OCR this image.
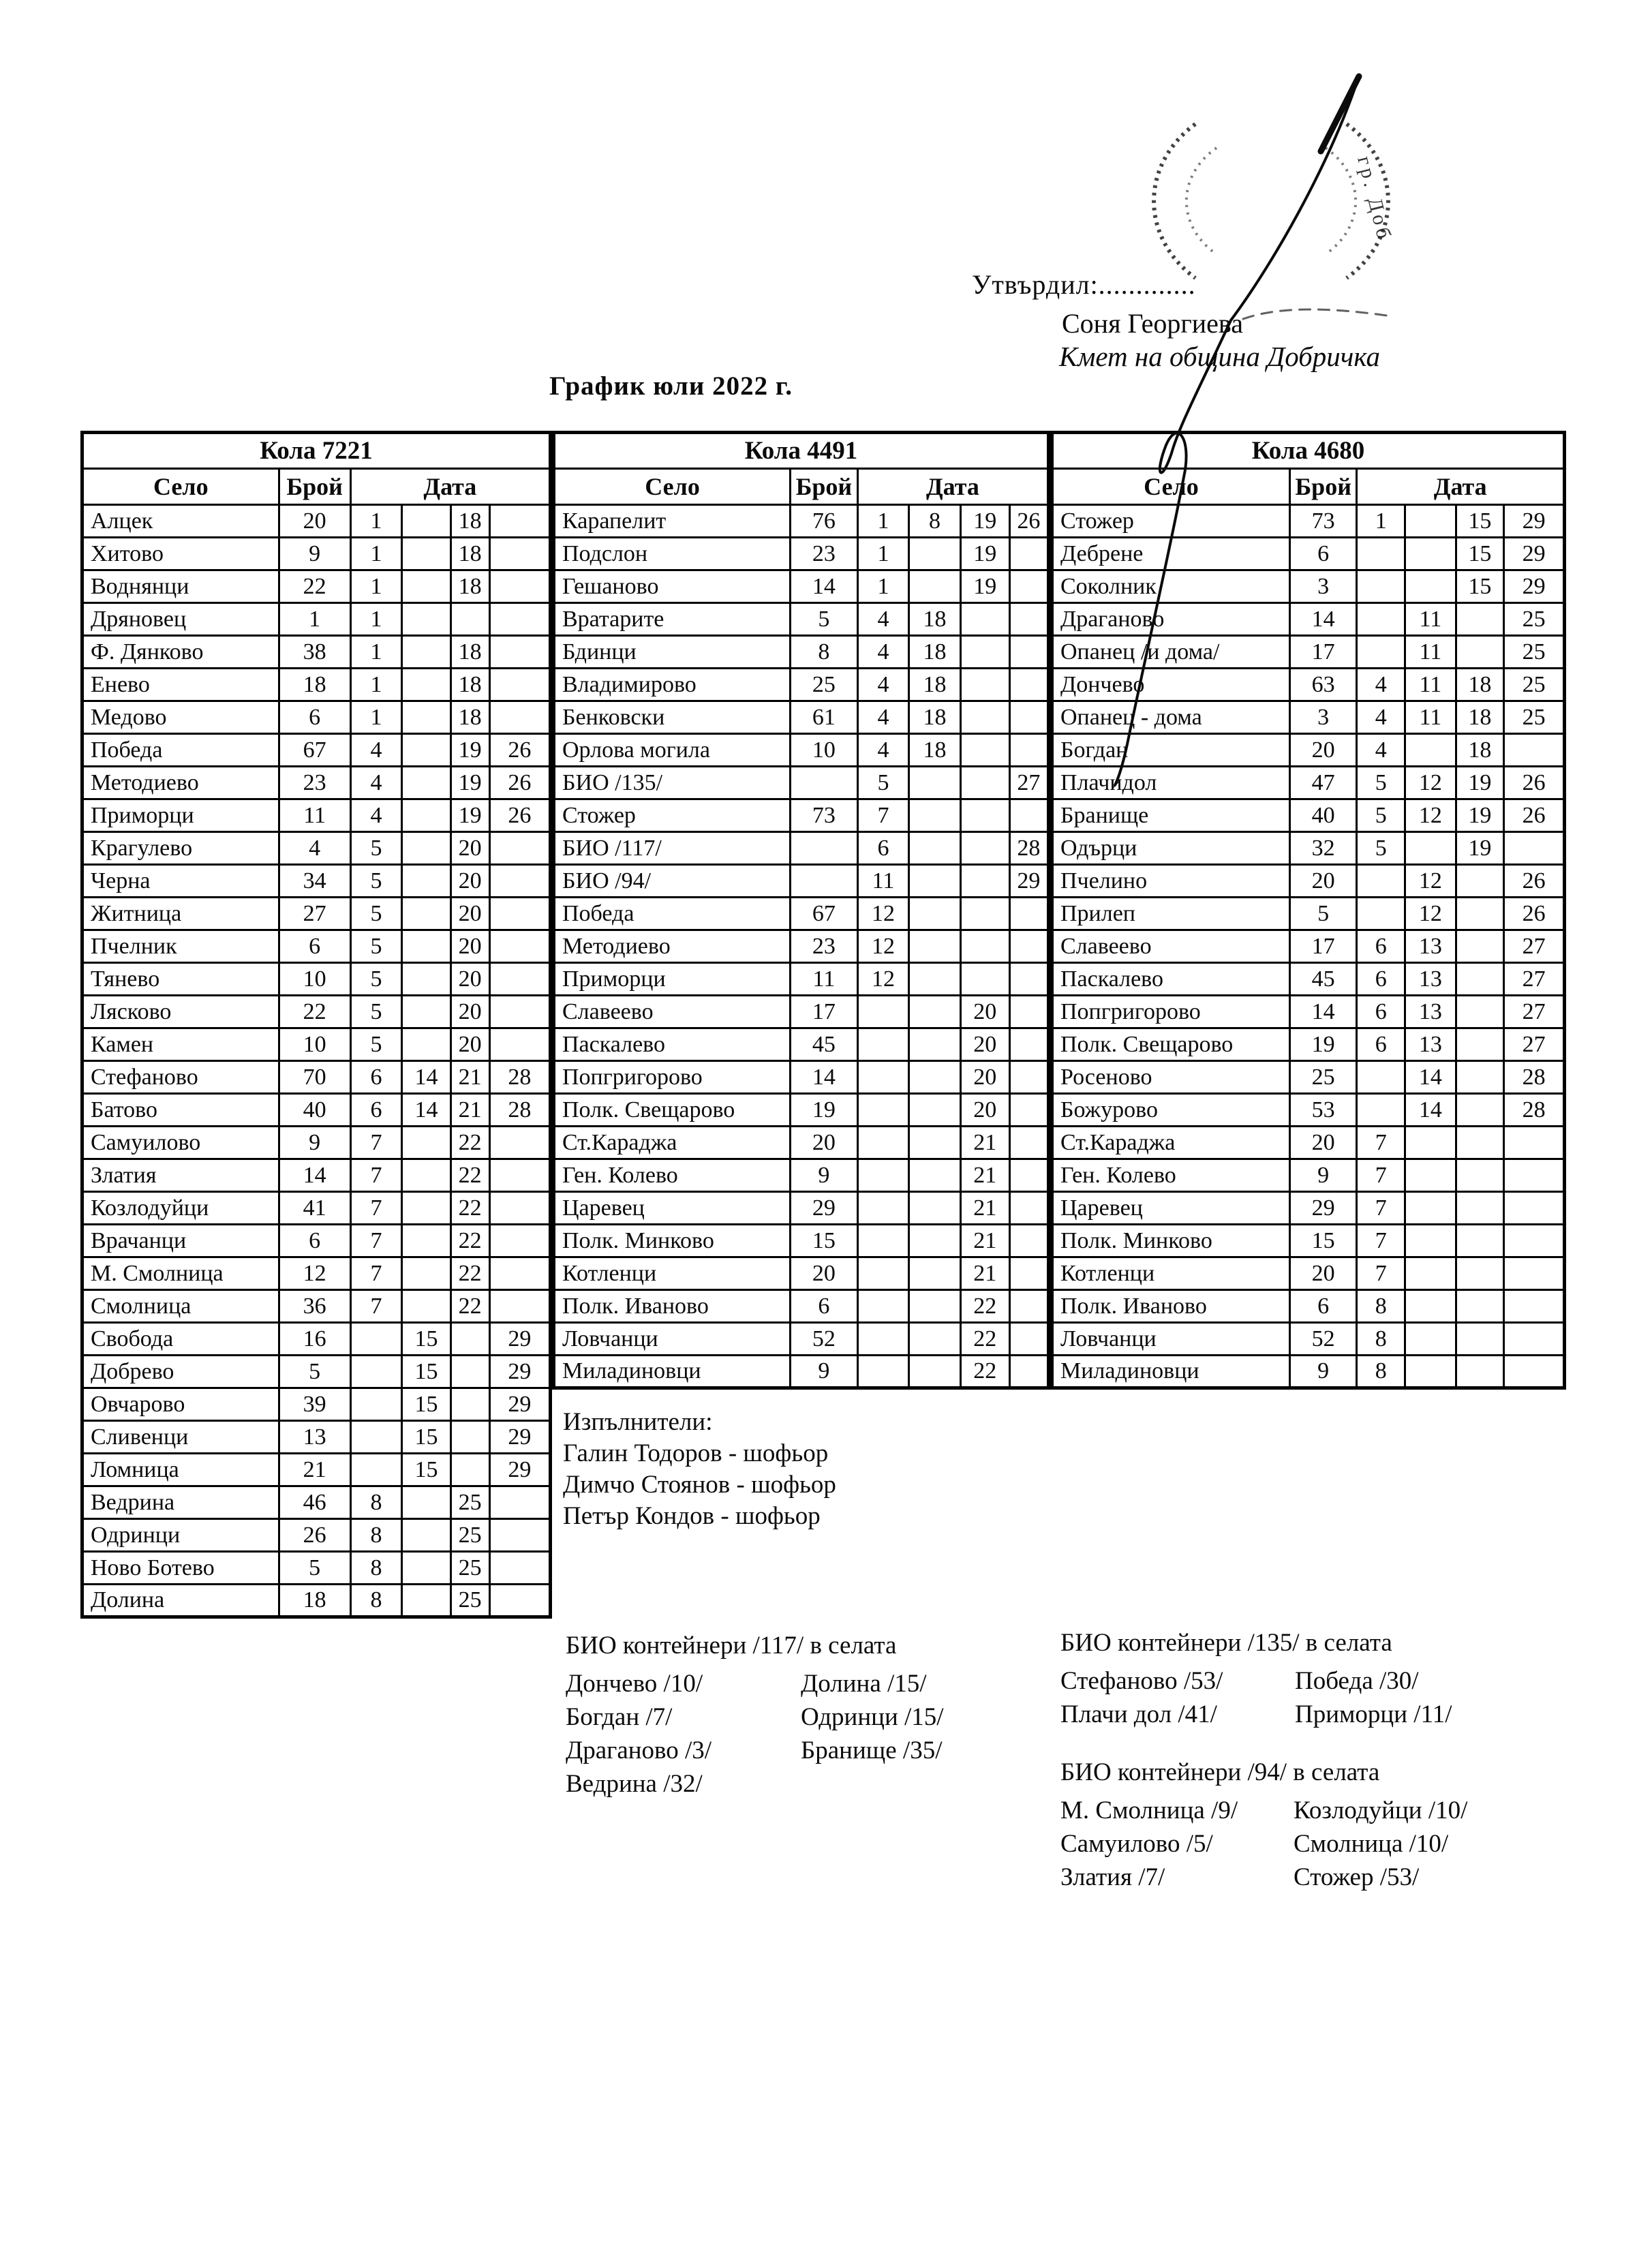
гр. Доб
Утвърдил:.............
Соня Георгиева
Кмет на община Добричка
График юли 2022 г.
Кола 7221					
Село	Брой	Дата			
Алцек	20	1		18	
Хитово	9	1		18	
Воднянци	22	1		18	
Дряновец	1	1			
Ф. Дянково	38	1		18	
Енево	18	1		18	
Медово	6	1		18	
Победа	67	4		19	26
Методиево	23	4		19	26
Приморци	11	4		19	26
Крагулево	4	5		20	
Черна	34	5		20	
Житница	27	5		20	
Пчелник	6	5		20	
Тянево	10	5		20	
Лясково	22	5		20	
Камен	10	5		20	
Стефаново	70	6	14	21	28
Батово	40	6	14	21	28
Самуилово	9	7		22	
Златия	14	7		22	
Козлодуйци	41	7		22	
Врачанци	6	7		22	
М. Смолница	12	7		22	
Смолница	36	7		22	
Свобода	16		15		29
Добрево	5		15		29
Овчарово	39		15		29
Сливенци	13		15		29
Ломница	21		15		29
Ведрина	46	8		25	
Одринци	26	8		25	
Ново Ботево	5	8		25	
Долина	18	8		25	
Кола 4491					
Село	Брой	Дата			
Карапелит	76	1	8	19	26
Подслон	23	1		19	
Гешаново	14	1		19	
Вратарите	5	4	18		
Бдинци	8	4	18		
Владимирово	25	4	18		
Бенковски	61	4	18		
Орлова могила	10	4	18		
БИО /135/		5			27
Стожер	73	7			
БИО /117/		6			28
БИО /94/		11			29
Победа	67	12			
Методиево	23	12			
Приморци	11	12			
Славеево	17			20	
Паскалево	45			20	
Попгригорово	14			20	
Полк. Свещарово	19			20	
Ст.Караджа	20			21	
Ген. Колево	9			21	
Царевец	29			21	
Полк. Минково	15			21	
Котленци	20			21	
Полк. Иваново	6			22	
Ловчанци	52			22	
Миладиновци	9			22	
Кола 4680					
Село	Брой	Дата			
Стожер	73	1		15	29
Дебрене	6			15	29
Соколник	3			15	29
Драганово	14		11		25
Опанец /и дома/	17		11		25
Дончево	63	4	11	18	25
Опанец - дома	3	4	11	18	25
Богдан	20	4		18	
Плачидол	47	5	12	19	26
Бранище	40	5	12	19	26
Одърци	32	5		19	
Пчелино	20		12		26
Прилеп	5		12		26
Славеево	17	6	13		27
Паскалево	45	6	13		27
Попгригорово	14	6	13		27
Полк. Свещарово	19	6	13		27
Росеново	25		14		28
Божурово	53		14		28
Ст.Караджа	20	7			
Ген. Колево	9	7			
Царевец	29	7			
Полк. Минково	15	7			
Котленци	20	7			
Полк. Иваново	6	8			
Ловчанци	52	8			
Миладиновци	9	8			
Изпълнители:
Галин Тодоров - шофьор
Димчо Стоянов - шофьор
Петър Кондов - шофьор
БИО контейнери /117/ в селата
Дончево /10/
Богдан /7/
Драганово /3/
Ведрина /32/
Долина /15/
Одринци /15/
Бранище /35/
БИО контейнери /135/ в селата
Стефаново /53/
Плачи дол /41/
Победа /30/
Приморци /11/
БИО контейнери /94/ в селата
М. Смолница /9/
Самуилово /5/
Златия /7/
Козлодуйци /10/
Смолница /10/
Стожер /53/
